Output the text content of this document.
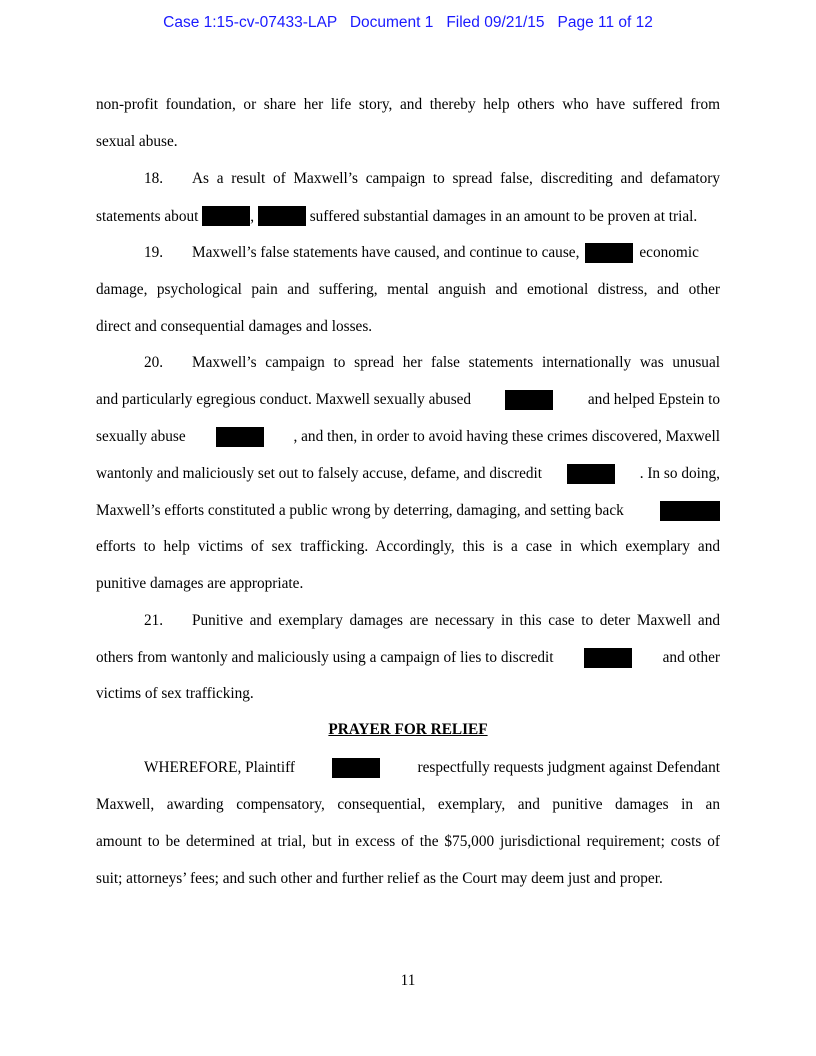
Case 1:15-cv-07433-LAP Document 1 Filed 09/21/15 Page 11 of 12
non-profit foundation, or share her life story, and thereby help others who have suffered from
sexual abuse.
18.	As a result of Maxwell’s campaign to spread false, discrediting and defamatory
statements about	,	suffered substantial damages in an amount to be proven at trial.
19.	Maxwell’s false statements have caused, and continue to cause,	economic
damage, psychological pain and suffering, mental anguish and emotional distress, and other
direct and consequential damages and losses.
20.	Maxwell’s campaign to spread her false statements internationally was unusual
and particularly egregious conduct. Maxwell sexually abused	and helped Epstein to
sexually abuse	, and then, in order to avoid having these crimes discovered, Maxwell
wantonly and maliciously set out to falsely accuse, defame, and discredit	. In so doing,
Maxwell’s efforts constituted a public wrong by deterring, damaging, and setting back
efforts to help victims of sex trafficking. Accordingly, this is a case in which exemplary and
punitive damages are appropriate.
21.	Punitive and exemplary damages are necessary in this case to deter Maxwell and
others from wantonly and maliciously using a campaign of lies to discredit	and other
victims of sex trafficking.
PRAYER FOR RELIEF
WHEREFORE, Plaintiff	respectfully requests judgment against Defendant
Maxwell, awarding compensatory, consequential, exemplary, and punitive damages in an
amount to be determined at trial, but in excess of the $75,000 jurisdictional requirement; costs of
suit; attorneys’ fees; and such other and further relief as the Court may deem just and proper.
11
